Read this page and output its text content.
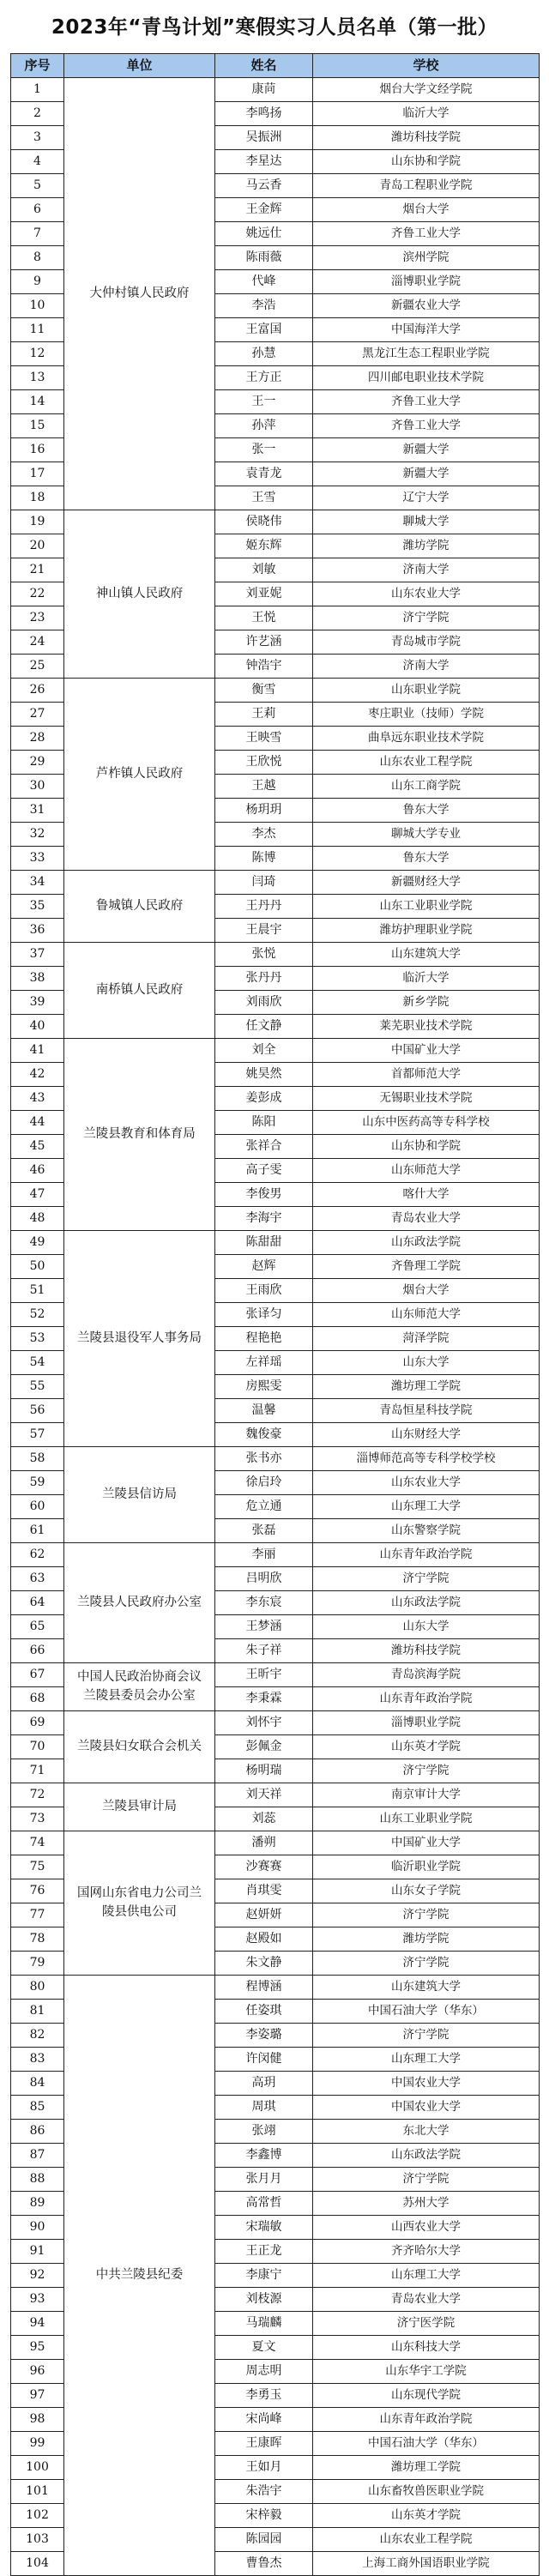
2023年“青鸟计划”寒假实习人员名单（第一批）
序号	单位	姓名	学校
1	大仲村镇人民政府	康苘	烟台大学文经学院
2		李鸣扬	临沂大学
3		吴振洲	潍坊科技学院
4		李星达	山东协和学院
5		马云香	青岛工程职业学院
6		王金辉	烟台大学
7		姚远仕	齐鲁工业大学
8		陈雨薇	滨州学院
9		代峰	淄博职业学院
10		李浩	新疆农业大学
11		王富国	中国海洋大学
12		孙慧	黑龙江生态工程职业学院
13		王方正	四川邮电职业技术学院
14		王一	齐鲁工业大学
15		孙萍	齐鲁工业大学
16		张一	新疆大学
17		袁青龙	新疆大学
18		王雪	辽宁大学
19	神山镇人民政府	侯晓伟	聊城大学
20		姬东辉	潍坊学院
21		刘敏	济南大学
22		刘亚妮	山东农业大学
23		王悦	济宁学院
24		许艺涵	青岛城市学院
25		钟浩宇	济南大学
26	芦柞镇人民政府	衡雪	山东职业学院
27		王莉	枣庄职业（技师）学院
28		王映雪	曲阜远东职业技术学院
29		王欣悦	山东农业工程学院
30		王越	山东工商学院
31		杨玥玥	鲁东大学
32		李杰	聊城大学专业
33		陈博	鲁东大学
34	鲁城镇人民政府	闫琦	新疆财经大学
35		王丹丹	山东工业职业学院
36		王晨宇	潍坊护理职业学院
37	南桥镇人民政府	张悦	山东建筑大学
38		张丹丹	临沂大学
39		刘雨欣	新乡学院
40		任文静	莱芜职业技术学院
41	兰陵县教育和体育局	刘全	中国矿业大学
42		姚昊然	首都师范大学
43		姜彭成	无锡职业技术学院
44		陈阳	山东中医药高等专科学校
45		张祥合	山东协和学院
46		高子雯	山东师范大学
47		李俊男	喀什大学
48		李海宇	青岛农业大学
49	兰陵县退役军人事务局	陈甜甜	山东政法学院
50		赵辉	齐鲁理工学院
51		王雨欣	烟台大学
52		张译匀	山东师范大学
53		程艳艳	菏泽学院
54		左祥瑶	山东大学
55		房熙雯	潍坊理工学院
56		温馨	青岛恒星科技学院
57		魏俊豪	山东财经大学
58	兰陵县信访局	张书亦	淄博师范高等专科学校学校
59		徐启玲	山东农业大学
60		危立通	山东理工大学
61		张磊	山东警察学院
62	兰陵县人民政府办公室	李丽	山东青年政治学院
63		吕明欣	济宁学院
64		李东宸	山东政法学院
65		王梦涵	山东大学
66		朱子祥	潍坊科技学院
67	中国人民政治协商会议兰陵县委员会办公室	王昕宇	青岛滨海学院
68		李秉霖	山东青年政治学院
69	兰陵县妇女联合会机关	刘怀宇	淄博职业学院
70		彭佩金	山东英才学院
71		杨明瑞	济宁学院
72	兰陵县审计局	刘天祥	南京审计大学
73		刘蕊	山东工业职业学院
74	国网山东省电力公司兰陵县供电公司	潘朔	中国矿业大学
75		沙赛赛	临沂职业学院
76		肖琪雯	山东女子学院
77		赵妍妍	济宁学院
78		赵殿如	潍坊学院
79		朱文静	济宁学院
80	中共兰陵县纪委	程博涵	山东建筑大学
81		任姿琪	中国石油大学（华东）
82		李姿璐	济宁学院
83		许闵健	山东理工大学
84		高玥	中国农业大学
85		周琪	中国农业大学
86		张翊	东北大学
87		李鑫博	山东政法学院
88		张月月	济宁学院
89		高常哲	苏州大学
90		宋瑞敏	山西农业大学
91		王正龙	齐齐哈尔大学
92		李康宁	山东理工大学
93		刘枝源	青岛农业大学
94		马瑞麟	济宁医学院
95		夏文	山东科技大学
96		周志明	山东华宇工学院
97		李勇玉	山东现代学院
98		宋尚峰	山东青年政治学院
99		王康晖	中国石油大学（华东）
100		王如月	潍坊理工学院
101		朱浩宇	山东畜牧兽医职业学院
102		宋梓毅	山东英才学院
103		陈园园	山东农业工程学院
104		曹鲁杰	上海工商外国语职业学院
